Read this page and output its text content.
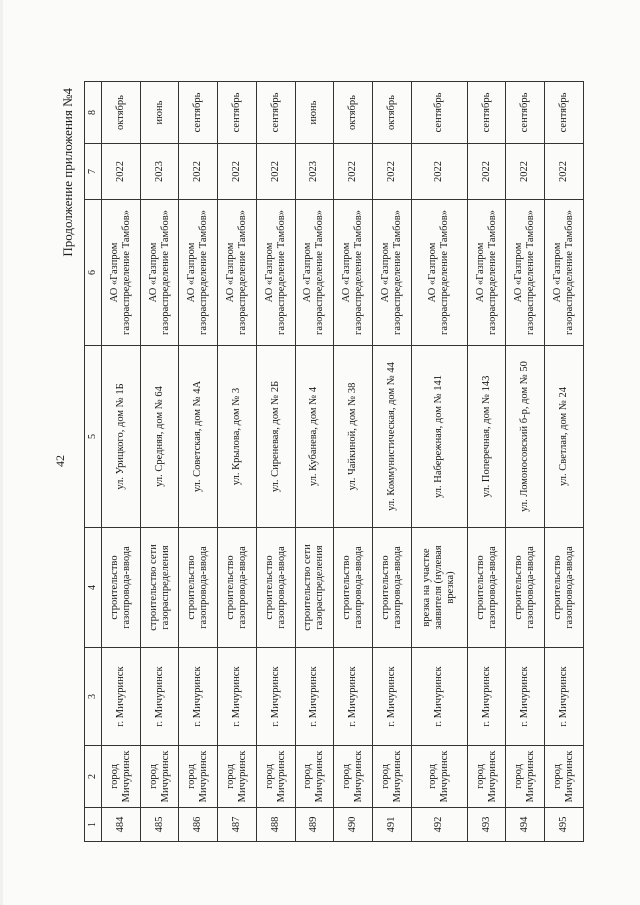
42
Продолжение приложения №4
1	2	3	4	5	6	7	8
484	город Мичуринск	г. Мичуринск	строительство газопровода-ввода	ул. Урицкого, дом № 1Б	АО «Газпром газораспределение Тамбов»	2022	октябрь
485	город Мичуринск	г. Мичуринск	строительство сети газораспределения	ул. Средняя, дом № 64	АО «Газпром газораспределение Тамбов»	2023	июнь
486	город Мичуринск	г. Мичуринск	строительство газопровода-ввода	ул. Советская, дом № 4А	АО «Газпром газораспределение Тамбов»	2022	сентябрь
487	город Мичуринск	г. Мичуринск	строительство газопровода-ввода	ул. Крылова, дом № 3	АО «Газпром газораспределение Тамбов»	2022	сентябрь
488	город Мичуринск	г. Мичуринск	строительство газопровода-ввода	ул. Сиреневая, дом № 2Б	АО «Газпром газораспределение Тамбов»	2022	сентябрь
489	город Мичуринск	г. Мичуринск	строительство сети газораспределения	ул. Кубанева, дом № 4	АО «Газпром газораспределение Тамбов»	2023	июнь
490	город Мичуринск	г. Мичуринск	строительство газопровода-ввода	ул. Чайкиной, дом № 38	АО «Газпром газораспределение Тамбов»	2022	октябрь
491	город Мичуринск	г. Мичуринск	строительство газопровода-ввода	ул. Коммунистическая, дом № 44	АО «Газпром газораспределение Тамбов»	2022	октябрь
492	город Мичуринск	г. Мичуринск	врезка на участке заявителя (нулевая врезка)	ул. Набережная, дом № 141	АО «Газпром газораспределение Тамбов»	2022	сентябрь
493	город Мичуринск	г. Мичуринск	строительство газопровода-ввода	ул. Поперечная, дом № 143	АО «Газпром газораспределение Тамбов»	2022	сентябрь
494	город Мичуринск	г. Мичуринск	строительство газопровода-ввода	ул. Ломоносовский б-р, дом № 50	АО «Газпром газораспределение Тамбов»	2022	сентябрь
495	город Мичуринск	г. Мичуринск	строительство газопровода-ввода	ул. Светлая, дом № 24	АО «Газпром газораспределение Тамбов»	2022	сентябрь
